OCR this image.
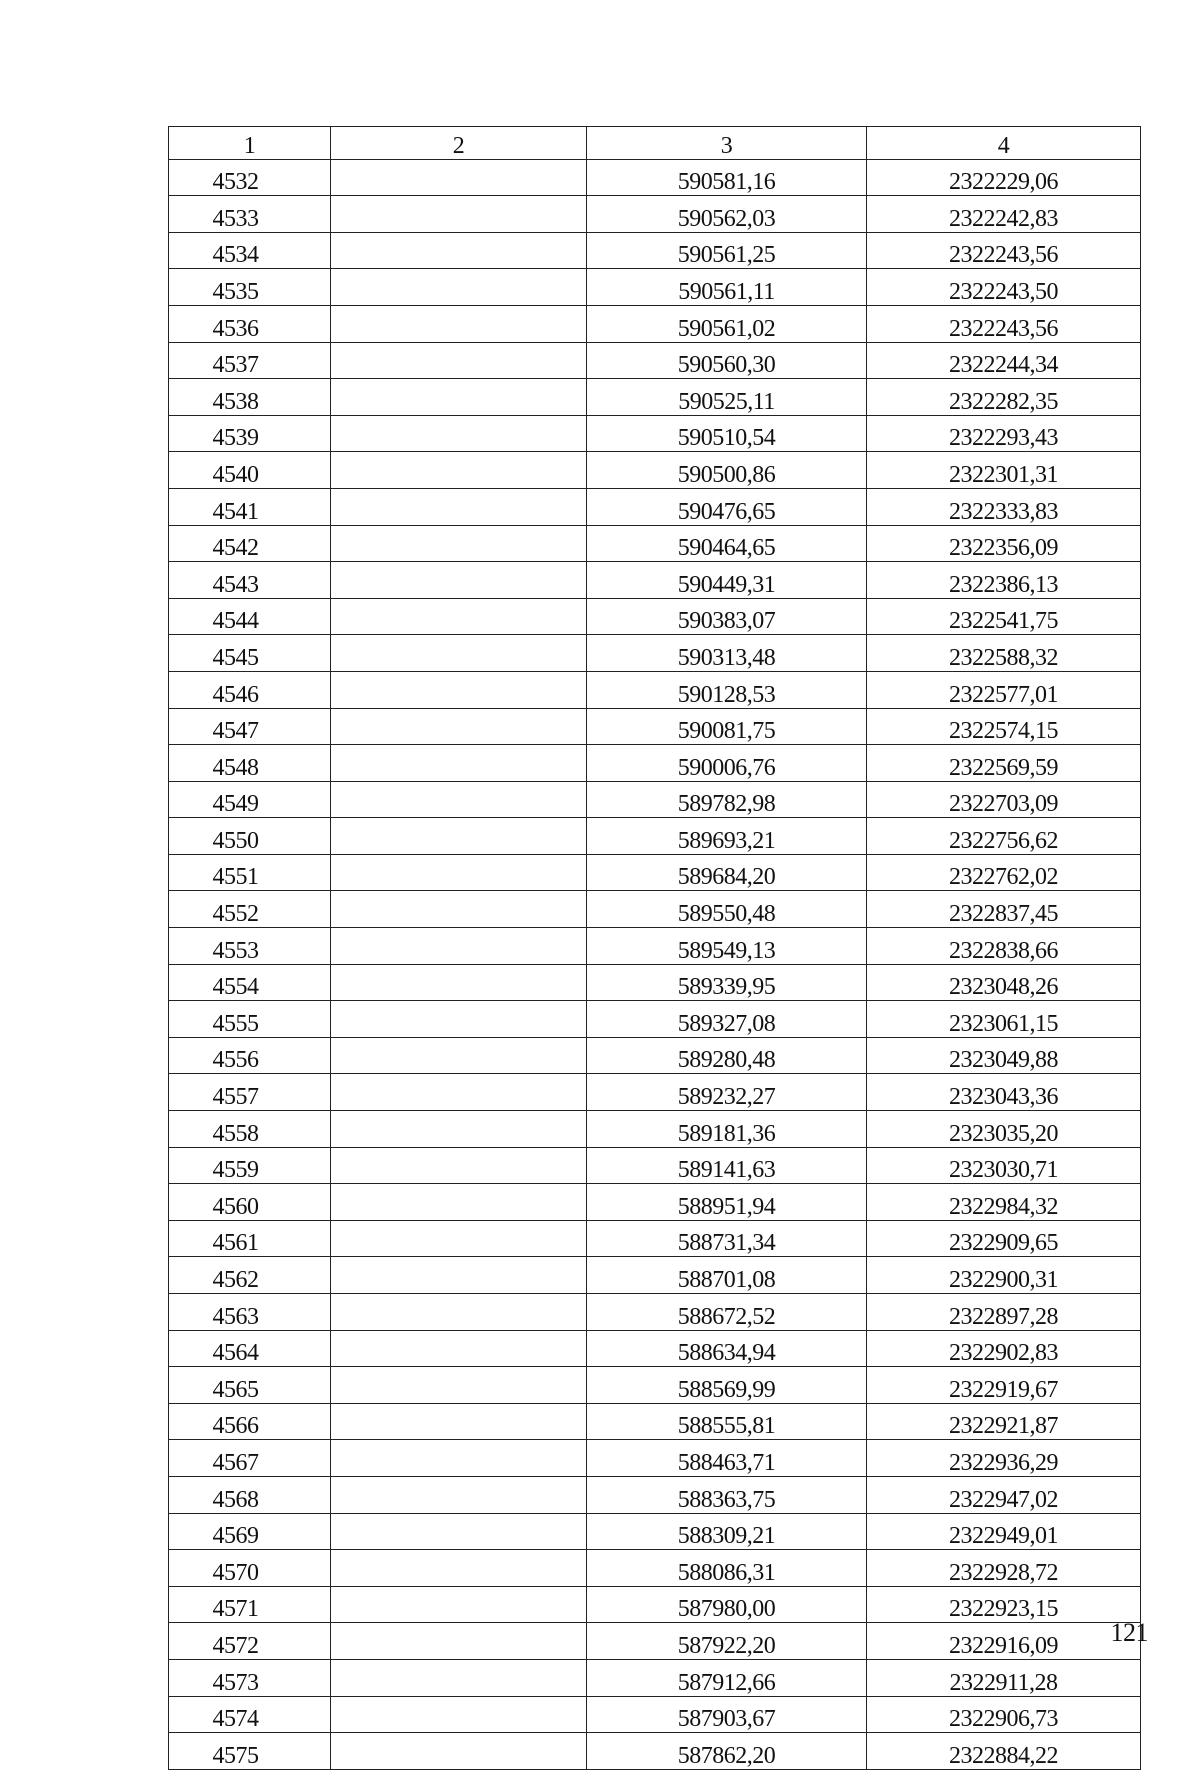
1	2	3	4
4532		590581,16	2322229,06
4533		590562,03	2322242,83
4534		590561,25	2322243,56
4535		590561,11	2322243,50
4536		590561,02	2322243,56
4537		590560,30	2322244,34
4538		590525,11	2322282,35
4539		590510,54	2322293,43
4540		590500,86	2322301,31
4541		590476,65	2322333,83
4542		590464,65	2322356,09
4543		590449,31	2322386,13
4544		590383,07	2322541,75
4545		590313,48	2322588,32
4546		590128,53	2322577,01
4547		590081,75	2322574,15
4548		590006,76	2322569,59
4549		589782,98	2322703,09
4550		589693,21	2322756,62
4551		589684,20	2322762,02
4552		589550,48	2322837,45
4553		589549,13	2322838,66
4554		589339,95	2323048,26
4555		589327,08	2323061,15
4556		589280,48	2323049,88
4557		589232,27	2323043,36
4558		589181,36	2323035,20
4559		589141,63	2323030,71
4560		588951,94	2322984,32
4561		588731,34	2322909,65
4562		588701,08	2322900,31
4563		588672,52	2322897,28
4564		588634,94	2322902,83
4565		588569,99	2322919,67
4566		588555,81	2322921,87
4567		588463,71	2322936,29
4568		588363,75	2322947,02
4569		588309,21	2322949,01
4570		588086,31	2322928,72
4571		587980,00	2322923,15
4572		587922,20	2322916,09
4573		587912,66	2322911,28
4574		587903,67	2322906,73
4575		587862,20	2322884,22
121
